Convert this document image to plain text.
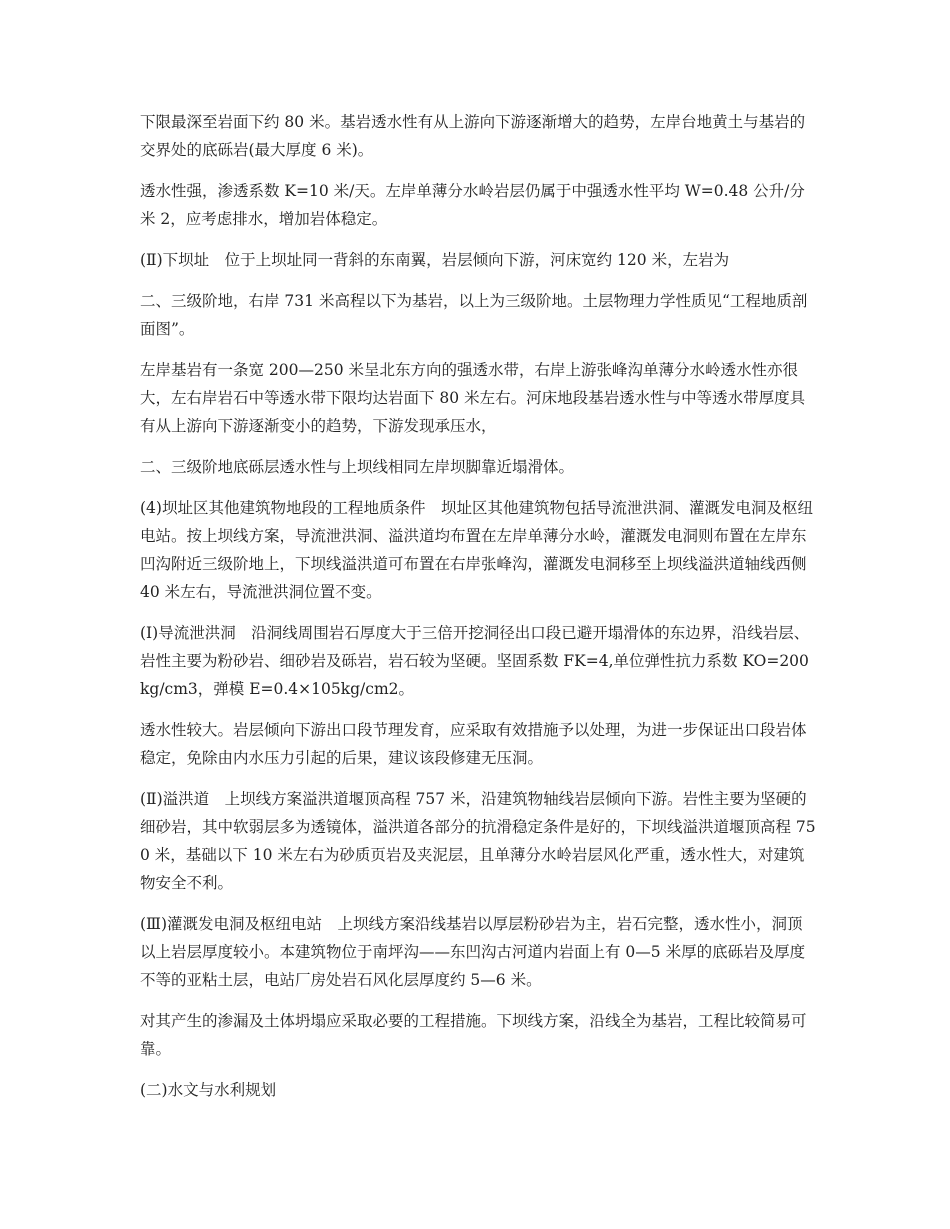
下限最深至岩面下约 80 米。基岩透水性有从上游向下游逐渐增大的趋势，左岸台地黄土与基岩的交界处的底砾岩(最大厚度 6 米)。

透水性强，渗透系数 K=10 米/天。左岸单薄分水岭岩层仍属于中强透水性平均 W=0.48 公升/分米 2，应考虑排水，增加岩体稳定。

(Ⅱ)下坝址　位于上坝址同一背斜的东南翼，岩层倾向下游，河床宽约 120 米，左岩为

二、三级阶地，右岸 731 米高程以下为基岩，以上为三级阶地。土层物理力学性质见“工程地质剖面图”。

左岸基岩有一条宽 200—250 米呈北东方向的强透水带，右岸上游张峰沟单薄分水岭透水性亦很大，左右岸岩石中等透水带下限均达岩面下 80 米左右。河床地段基岩透水性与中等透水带厚度具有从上游向下游逐渐变小的趋势，下游发现承压水，

二、三级阶地底砾层透水性与上坝线相同左岸坝脚靠近塌滑体。

(4)坝址区其他建筑物地段的工程地质条件　坝址区其他建筑物包括导流泄洪洞、灌溉发电洞及枢纽电站。按上坝线方案，导流泄洪洞、溢洪道均布置在左岸单薄分水岭，灌溉发电洞则布置在左岸东凹沟附近三级阶地上，下坝线溢洪道可布置在右岸张峰沟，灌溉发电洞移至上坝线溢洪道轴线西侧 40 米左右，导流泄洪洞位置不变。

(Ⅰ)导流泄洪洞　沿洞线周围岩石厚度大于三倍开挖洞径出口段已避开塌滑体的东边界，沿线岩层、岩性主要为粉砂岩、细砂岩及砾岩，岩石较为坚硬。坚固系数 FK=4,单位弹性抗力系数 KO=200kg/cm3，弹模 E=0.4×105kg/cm2。

透水性较大。岩层倾向下游出口段节理发育，应采取有效措施予以处理，为进一步保证出口段岩体稳定，免除由内水压力引起的后果，建议该段修建无压洞。

(Ⅱ)溢洪道　上坝线方案溢洪道堰顶高程 757 米，沿建筑物轴线岩层倾向下游。岩性主要为坚硬的细砂岩，其中软弱层多为透镜体，溢洪道各部分的抗滑稳定条件是好的，下坝线溢洪道堰顶高程 750 米，基础以下 10 米左右为砂质页岩及夹泥层，且单薄分水岭岩层风化严重，透水性大，对建筑物安全不利。

(Ⅲ)灌溉发电洞及枢纽电站　上坝线方案沿线基岩以厚层粉砂岩为主，岩石完整，透水性小，洞顶以上岩层厚度较小。本建筑物位于南坪沟——东凹沟古河道内岩面上有 0—5 米厚的底砾岩及厚度不等的亚粘土层，电站厂房处岩石风化层厚度约 5—6 米。

对其产生的渗漏及土体坍塌应采取必要的工程措施。下坝线方案，沿线全为基岩，工程比较简易可靠。

(二)水文与水利规划
